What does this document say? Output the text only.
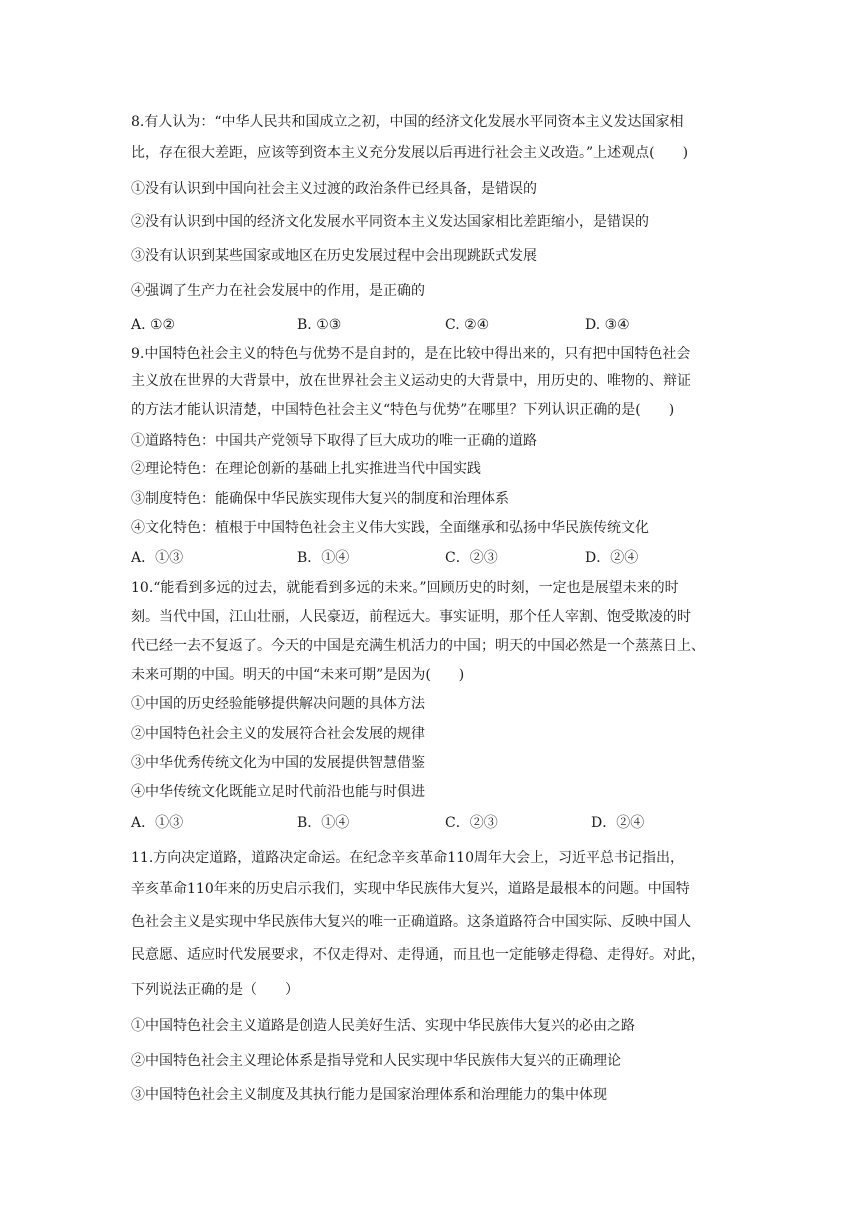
8.有人认为：“中华人民共和国成立之初，中国的经济文化发展水平同资本主义发达国家相
比，存在很大差距，应该等到资本主义充分发展以后再进行社会主义改造。”上述观点(　　)
①没有认识到中国向社会主义过渡的政治条件已经具备，是错误的
②没有认识到中国的经济文化发展水平同资本主义发达国家相比差距缩小，是错误的
③没有认识到某些国家或地区在历史发展过程中会出现跳跃式发展
④强调了生产力在社会发展中的作用，是正确的
A. ①②	B. ①③	C. ②④	D. ③④
9.中国特色社会主义的特色与优势不是自封的，是在比较中得出来的，只有把中国特色社会
主义放在世界的大背景中，放在世界社会主义运动史的大背景中，用历史的、唯物的、辩证
的方法才能认识清楚，中国特色社会主义“特色与优势”在哪里？下列认识正确的是(　　)
①道路特色：中国共产党领导下取得了巨大成功的唯一正确的道路
②理论特色：在理论创新的基础上扎实推进当代中国实践
③制度特色：能确保中华民族实现伟大复兴的制度和治理体系
④文化特色：植根于中国特色社会主义伟大实践，全面继承和弘扬中华民族传统文化
A．①③	B．①④	C．②③	D．②④
10.“能看到多远的过去，就能看到多远的未来。”回顾历史的时刻，一定也是展望未来的时
刻。当代中国，江山壮丽，人民豪迈，前程远大。事实证明，那个任人宰割、饱受欺凌的时
代已经一去不复返了。今天的中国是充满生机活力的中国；明天的中国必然是一个蒸蒸日上、
未来可期的中国。明天的中国“未来可期”是因为(　　)
①中国的历史经验能够提供解决问题的具体方法
②中国特色社会主义的发展符合社会发展的规律
③中华优秀传统文化为中国的发展提供智慧借鉴
④中华传统文化既能立足时代前沿也能与时俱进
A．①③	B．①④	C．②③	D．②④
11.方向决定道路，道路决定命运。在纪念辛亥革命110周年大会上，习近平总书记指出，
辛亥革命110年来的历史启示我们，实现中华民族伟大复兴，道路是最根本的问题。中国特
色社会主义是实现中华民族伟大复兴的唯一正确道路。这条道路符合中国实际、反映中国人
民意愿、适应时代发展要求，不仅走得对、走得通，而且也一定能够走得稳、走得好。对此，
下列说法正确的是（　　）
①中国特色社会主义道路是创造人民美好生活、实现中华民族伟大复兴的必由之路
②中国特色社会主义理论体系是指导党和人民实现中华民族伟大复兴的正确理论
③中国特色社会主义制度及其执行能力是国家治理体系和治理能力的集中体现
